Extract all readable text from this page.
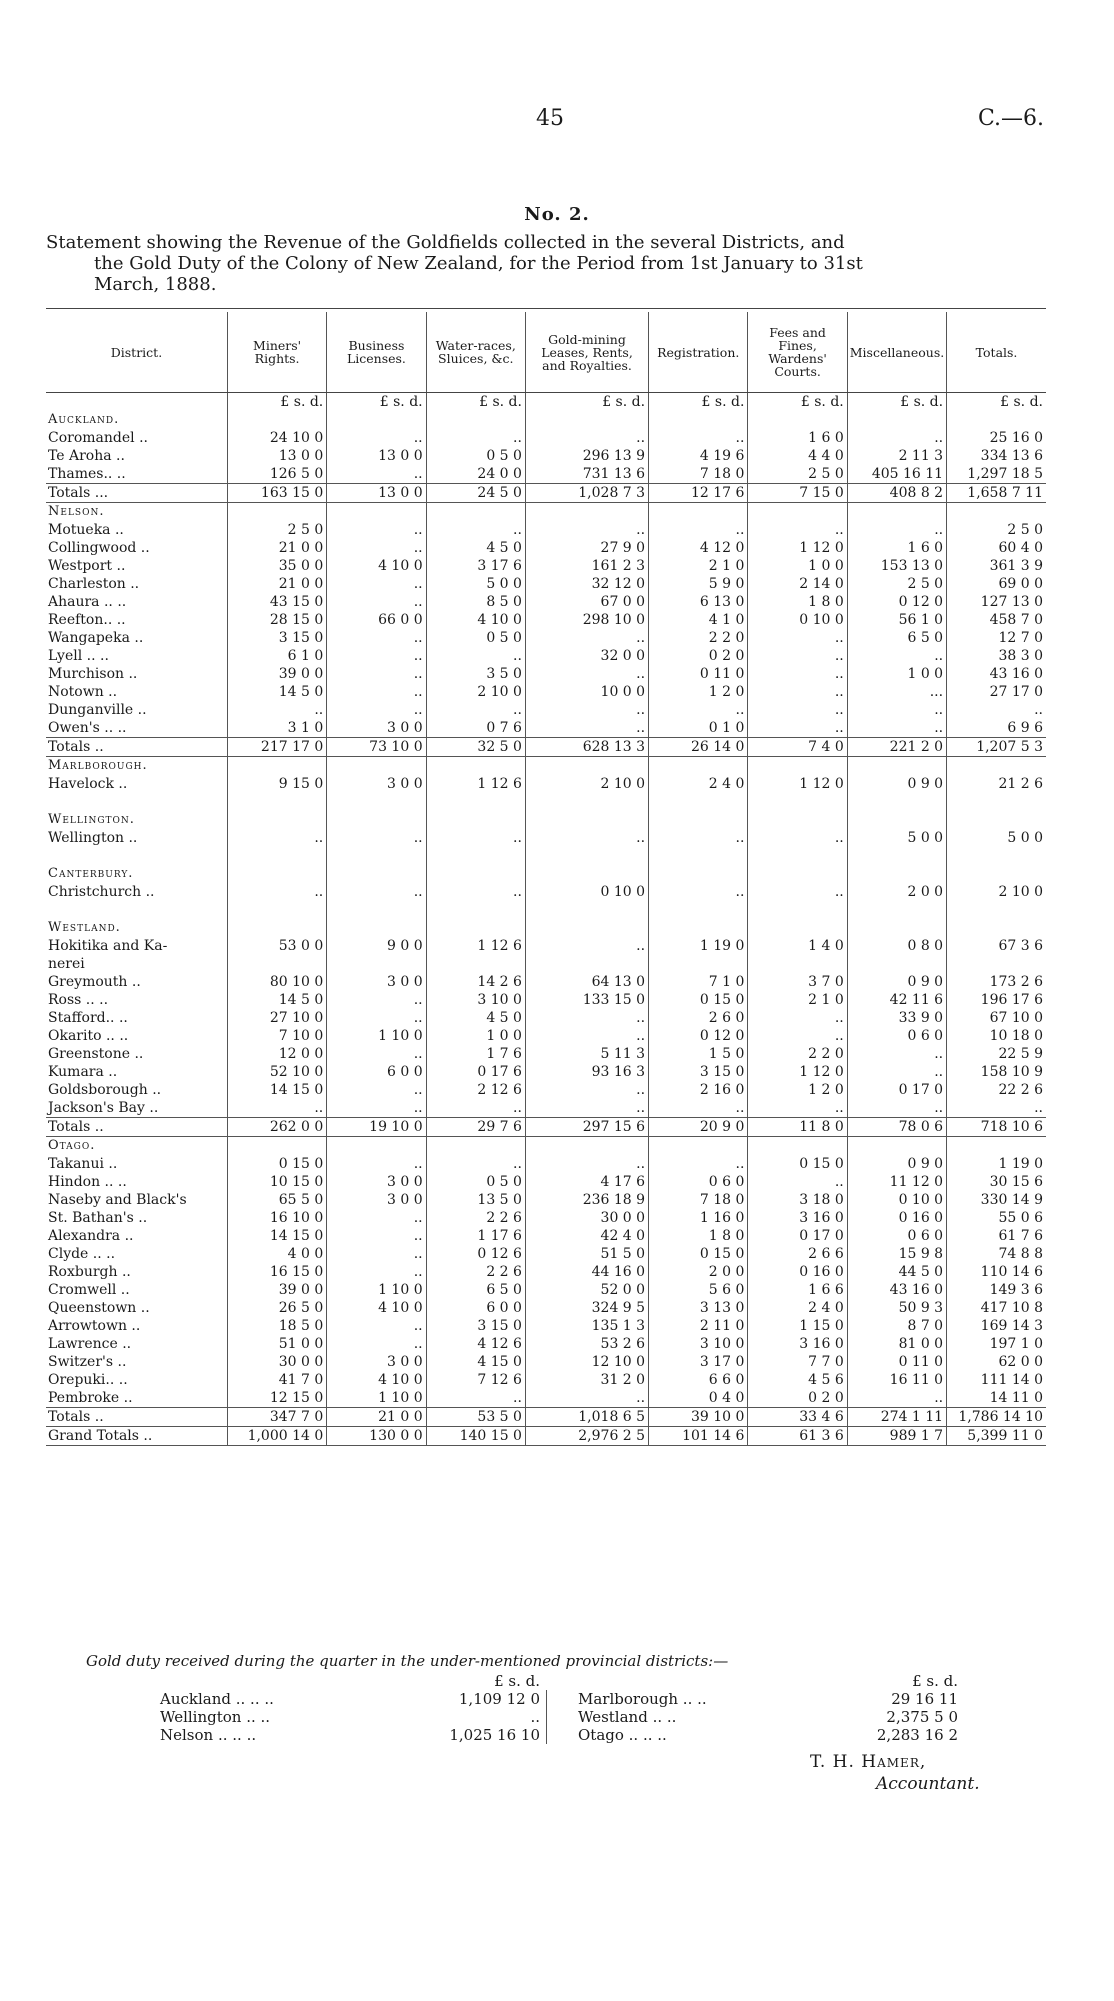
45	C.—6.
No. 2.
Statement showing the Revenue of the Goldfields collected in the several Districts, and
the Gold Duty of the Colony of New Zealand, for the Period from 1st January to 31st
March, 1888.
District.	Miners' Rights.	Business Licenses.	Water-races, Sluices, &c.	Gold-mining Leases, Rents, and Royalties.	Registration.	Fees and Fines, Wardens' Courts.	Miscellaneous.	Totals.
	£ s. d.	£ s. d.	£ s. d.	£ s. d.	£ s. d.	£ s. d.	£ s. d.	£ s. d.
Auckland.								
Coromandel ..	24 10 0	..	..	..	..	1 6 0	..	25 16 0
Te Aroha ..	13 0 0	13 0 0	0 5 0	296 13 9	4 19 6	4 4 0	2 11 3	334 13 6
Thames.. ..	126 5 0	..	24 0 0	731 13 6	7 18 0	2 5 0	405 16 11	1,297 18 5
Totals ...	163 15 0	13 0 0	24 5 0	1,028 7 3	12 17 6	7 15 0	408 8 2	1,658 7 11
Nelson.								
Motueka ..	2 5 0	..	..	..	..	..	..	2 5 0
Collingwood ..	21 0 0	..	4 5 0	27 9 0	4 12 0	1 12 0	1 6 0	60 4 0
Westport ..	35 0 0	4 10 0	3 17 6	161 2 3	2 1 0	1 0 0	153 13 0	361 3 9
Charleston ..	21 0 0	..	5 0 0	32 12 0	5 9 0	2 14 0	2 5 0	69 0 0
Ahaura .. ..	43 15 0	..	8 5 0	67 0 0	6 13 0	1 8 0	0 12 0	127 13 0
Reefton.. ..	28 15 0	66 0 0	4 10 0	298 10 0	4 1 0	0 10 0	56 1 0	458 7 0
Wangapeka ..	3 15 0	..	0 5 0	..	2 2 0	..	6 5 0	12 7 0
Lyell .. ..	6 1 0	..	..	32 0 0	0 2 0	..	..	38 3 0
Murchison ..	39 0 0	..	3 5 0	..	0 11 0	..	1 0 0	43 16 0
Notown ..	14 5 0	..	2 10 0	10 0 0	1 2 0	..	...	27 17 0
Dunganville ..	..	..	..	..	..	..	..	..
Owen's .. ..	3 1 0	3 0 0	0 7 6	..	0 1 0	..	..	6 9 6
Totals ..	217 17 0	73 10 0	32 5 0	628 13 3	26 14 0	7 4 0	221 2 0	1,207 5 3
Marlborough.								
Havelock ..	9 15 0	3 0 0	1 12 6	2 10 0	2 4 0	1 12 0	0 9 0	21 2 6

Wellington.								
Wellington ..	..	..	..	..	..	..	5 0 0	5 0 0

Canterbury.								
Christchurch ..	..	..	..	0 10 0	..	..	2 0 0	2 10 0

Westland.								
Hokitika and Ka-	53 0 0	9 0 0	1 12 6	..	1 19 0	1 4 0	0 8 0	67 3 6
nerei								
Greymouth ..	80 10 0	3 0 0	14 2 6	64 13 0	7 1 0	3 7 0	0 9 0	173 2 6
Ross .. ..	14 5 0	..	3 10 0	133 15 0	0 15 0	2 1 0	42 11 6	196 17 6
Stafford.. ..	27 10 0	..	4 5 0	..	2 6 0	..	33 9 0	67 10 0
Okarito .. ..	7 10 0	1 10 0	1 0 0	..	0 12 0	..	0 6 0	10 18 0
Greenstone ..	12 0 0	..	1 7 6	5 11 3	1 5 0	2 2 0	..	22 5 9
Kumara ..	52 10 0	6 0 0	0 17 6	93 16 3	3 15 0	1 12 0	..	158 10 9
Goldsborough ..	14 15 0	..	2 12 6	..	2 16 0	1 2 0	0 17 0	22 2 6
Jackson's Bay ..	..	..	..	..	..	..	..	..
Totals ..	262 0 0	19 10 0	29 7 6	297 15 6	20 9 0	11 8 0	78 0 6	718 10 6
Otago.								
Takanui ..	0 15 0	..	..	..	..	0 15 0	0 9 0	1 19 0
Hindon .. ..	10 15 0	3 0 0	0 5 0	4 17 6	0 6 0	..	11 12 0	30 15 6
Naseby and Black's	65 5 0	3 0 0	13 5 0	236 18 9	7 18 0	3 18 0	0 10 0	330 14 9
St. Bathan's ..	16 10 0	..	2 2 6	30 0 0	1 16 0	3 16 0	0 16 0	55 0 6
Alexandra ..	14 15 0	..	1 17 6	42 4 0	1 8 0	0 17 0	0 6 0	61 7 6
Clyde .. ..	4 0 0	..	0 12 6	51 5 0	0 15 0	2 6 6	15 9 8	74 8 8
Roxburgh ..	16 15 0	..	2 2 6	44 16 0	2 0 0	0 16 0	44 5 0	110 14 6
Cromwell ..	39 0 0	1 10 0	6 5 0	52 0 0	5 6 0	1 6 6	43 16 0	149 3 6
Queenstown ..	26 5 0	4 10 0	6 0 0	324 9 5	3 13 0	2 4 0	50 9 3	417 10 8
Arrowtown ..	18 5 0	..	3 15 0	135 1 3	2 11 0	1 15 0	8 7 0	169 14 3
Lawrence ..	51 0 0	..	4 12 6	53 2 6	3 10 0	3 16 0	81 0 0	197 1 0
Switzer's ..	30 0 0	3 0 0	4 15 0	12 10 0	3 17 0	7 7 0	0 11 0	62 0 0
Orepuki.. ..	41 7 0	4 10 0	7 12 6	31 2 0	6 6 0	4 5 6	16 11 0	111 14 0
Pembroke ..	12 15 0	1 10 0	..	..	0 4 0	0 2 0	..	14 11 0
Totals ..	347 7 0	21 0 0	53 5 0	1,018 6 5	39 10 0	33 4 6	274 1 11	1,786 14 10
Grand Totals ..	1,000 14 0	130 0 0	140 15 0	2,976 2 5	101 14 6	61 3 6	989 1 7	5,399 11 0
Gold duty received during the quarter in the under-mentioned provincial districts:—
£ s. d.
Auckland .. .. ..	1,109 12 0
Wellington .. ..	..
Nelson .. .. ..	1,025 16 10
£ s. d.
Marlborough .. ..	29 16 11
Westland .. ..	2,375 5 0
Otago .. .. ..	2,283 16 2
T. H. Hamer,
Accountant.
